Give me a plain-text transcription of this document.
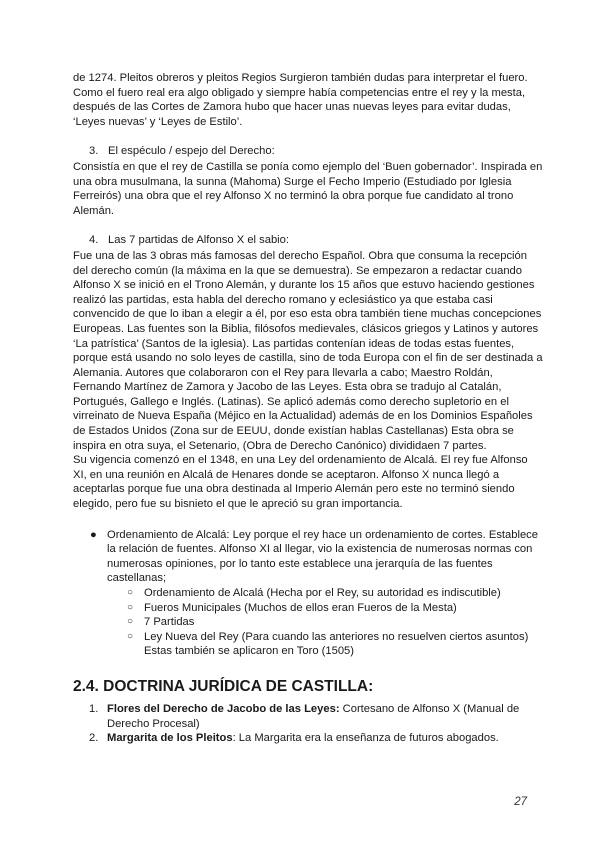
de 1274. Pleitos obreros y pleitos Regios Surgieron también dudas para interpretar el fuero. Como el fuero real era algo obligado y siempre había competencias entre el rey y la mesta, después de las Cortes de Zamora hubo que hacer unas nuevas leyes para evitar dudas, ‘Leyes nuevas’ y ‘Leyes de Estilo’.

3. El espéculo / espejo del Derecho:

Consistía en que el rey de Castilla se ponía como ejemplo del ‘Buen gobernador’. Inspirada en una obra musulmana, la sunna (Mahoma) Surge el Fecho Imperio (Estudiado por Iglesia Ferreirós) una obra que el rey Alfonso X no terminó la obra porque fue candidato al trono Alemán.

4. Las 7 partidas de Alfonso X el sabio:

Fue una de las 3 obras más famosas del derecho Español. Obra que consuma la recepción del derecho común (la máxima en la que se demuestra). Se empezaron a redactar cuando Alfonso X se inició en el Trono Alemán, y durante los 15 años que estuvo haciendo gestiones realizó las partidas, esta habla del derecho romano y eclesiástico ya que estaba casi convencido de que lo iban a elegir a él, por eso esta obra también tiene muchas concepciones Europeas. Las fuentes son la Biblia, filósofos medievales, clásicos griegos y Latinos y autores ‘La patrística’ (Santos de la iglesia). Las partidas contenían ideas de todas estas fuentes, porque está usando no solo leyes de castilla, sino de toda Europa con el fin de ser destinada a Alemania. Autores que colaboraron con el Rey para llevarla a cabo; Maestro Roldán, Fernando Martínez de Zamora y Jacobo de las Leyes. Esta obra se tradujo al Catalán, Portugués, Gallego e Inglés. (Latinas). Se aplicó además como derecho supletorio en el virreinato de Nueva España (Méjico en la Actualidad) además de en los Dominios Españoles de Estados Unidos (Zona sur de EEUU, donde existían hablas Castellanas) Esta obra se inspira en otra suya, el Setenario, (Obra de Derecho Canónico) divididaen 7 partes.

Su vigencia comenzó en el 1348, en una Ley del ordenamiento de Alcalá. El rey fue Alfonso XI, en una reunión en Alcalá de Henares donde se aceptaron. Alfonso X nunca llegó a aceptarlas porque fue una obra destinada al Imperio Alemán pero este no terminó siendo elegido, pero fue su bisnieto el que le apreció su gran importancia.

● Ordenamiento de Alcalá: Ley porque el rey hace un ordenamiento de cortes. Establece la relación de fuentes. Alfonso XI al llegar, vio la existencia de numerosas normas con numerosas opiniones, por lo tanto este establece una jerarquía de las fuentes castellanas;
○ Ordenamiento de Alcalá (Hecha por el Rey, su autoridad es indiscutible)
○ Fueros Municipales (Muchos de ellos eran Fueros de la Mesta)
○ 7 Partidas
○ Ley Nueva del Rey (Para cuando las anteriores no resuelven ciertos asuntos) Estas también se aplicaron en Toro (1505)
2.4. DOCTRINA JURÍDICA DE CASTILLA:
1. Flores del Derecho de Jacobo de las Leyes: Cortesano de Alfonso X (Manual de Derecho Procesal)
2. Margarita de los Pleitos: La Margarita era la enseñanza de futuros abogados.
27
